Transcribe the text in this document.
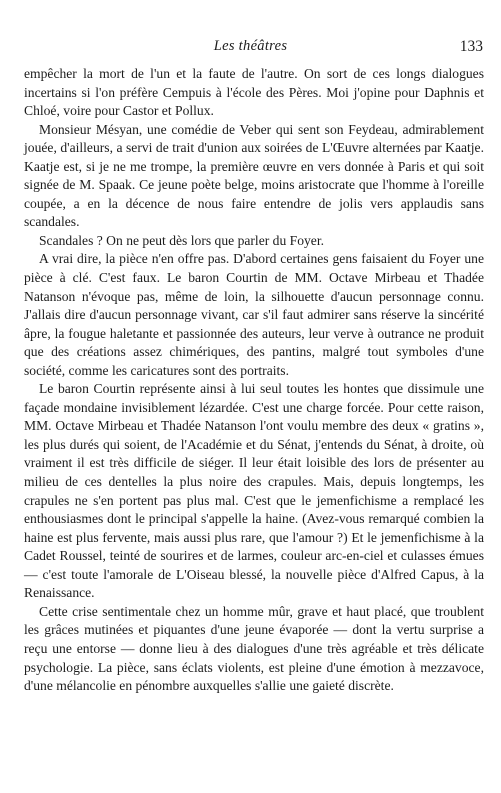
Les théâtres	133

empêcher la mort de l'un et la faute de l'autre. On sort de ces longs dialogues incertains si l'on préfère Cempuis à l'école des Pères. Moi j'opine pour Daphnis et Chloé, voire pour Castor et Pollux.

Monsieur Mésyan, une comédie de Veber qui sent son Feydeau, admirablement jouée, d'ailleurs, a servi de trait d'union aux soirées de L'Œuvre alternées par Kaatje. Kaatje est, si je ne me trompe, la première œuvre en vers donnée à Paris et qui soit signée de M. Spaak. Ce jeune poète belge, moins aristocrate que l'homme à l'oreille coupée, a en la décence de nous faire entendre de jolis vers applaudis sans scandales.

Scandales ? On ne peut dès lors que parler du Foyer.

A vrai dire, la pièce n'en offre pas. D'abord certaines gens faisaient du Foyer une pièce à clé. C'est faux. Le baron Courtin de MM. Octave Mirbeau et Thadée Natanson n'évoque pas, même de loin, la silhouette d'aucun personnage connu. J'allais dire d'aucun personnage vivant, car s'il faut admirer sans réserve la sincérité âpre, la fougue haletante et passionnée des auteurs, leur verve à outrance ne produit que des créations assez chimériques, des pantins, malgré tout symboles d'une société, comme les caricatures sont des portraits.

Le baron Courtin représente ainsi à lui seul toutes les hontes que dissimule une façade mondaine invisiblement lézardée. C'est une charge forcée. Pour cette raison, MM. Octave Mirbeau et Thadée Natanson l'ont voulu membre des deux « gratins », les plus durés qui soient, de l'Académie et du Sénat, j'entends du Sénat, à droite, où vraiment il est très difficile de siéger. Il leur était loisible des lors de présenter au milieu de ces dentelles la plus noire des crapules. Mais, depuis longtemps, les crapules ne s'en portent pas plus mal. C'est que le jemenfichisme a remplacé les enthousiasmes dont le principal s'appelle la haine. (Avez-vous remarqué combien la haine est plus fervente, mais aussi plus rare, que l'amour ?) Et le jemenfichisme à la Cadet Roussel, teinté de sourires et de larmes, couleur arc-en-ciel et culasses émues — c'est toute l'amorale de L'Oiseau blessé, la nouvelle pièce d'Alfred Capus, à la Renaissance.

Cette crise sentimentale chez un homme mûr, grave et haut placé, que troublent les grâces mutinées et piquantes d'une jeune évaporée — dont la vertu surprise a reçu une entorse — donne lieu à des dialogues d'une très agréable et très délicate psychologie. La pièce, sans éclats violents, est pleine d'une émotion à mezzavoce, d'une mélancolie en pénombre auxquelles s'allie une gaieté discrète.
